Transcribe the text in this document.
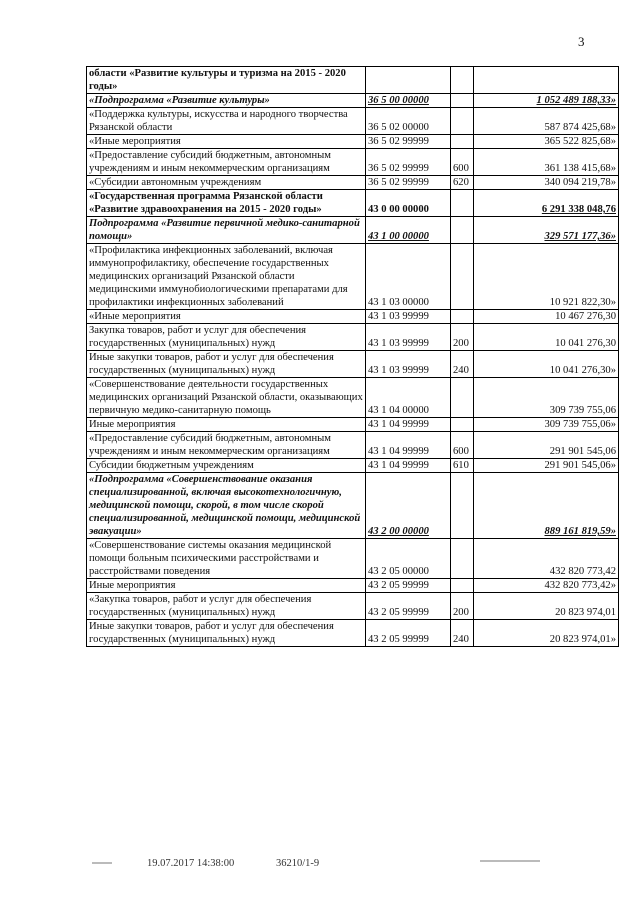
3
области «Развитие культуры и туризма на 2015 - 2020 годы»			
«Подпрограмма «Развитие культуры»	36 5 00 00000		1 052 489 188,33»
«Поддержка культуры, искусства и народного творчества Рязанской области	36 5 02 00000		587 874 425,68»
«Иные мероприятия	36 5 02 99999		365 522 825,68»
«Предоставление субсидий бюджетным, автономным учреждениям и иным некоммерческим организациям	36 5 02 99999	600	361 138 415,68»
«Субсидии автономным учреждениям	36 5 02 99999	620	340 094 219,78»
«Государственная программа Рязанской области «Развитие здравоохранения на 2015 - 2020 годы»	43 0 00 00000		6 291 338 048,76
Подпрограмма «Развитие первичной медико-санитарной помощи»	43 1 00 00000		329 571 177,36»
«Профилактика инфекционных заболеваний, включая иммунопрофилактику, обеспечение государственных медицинских организаций Рязанской области медицинскими иммунобиологическими препаратами для профилактики инфекционных заболеваний	43 1 03 00000		10 921 822,30»
«Иные мероприятия	43 1 03 99999		10 467 276,30
Закупка товаров, работ и услуг для обеспечения государственных (муниципальных) нужд	43 1 03 99999	200	10 041 276,30
Иные закупки товаров, работ и услуг для обеспечения государственных (муниципальных) нужд	43 1 03 99999	240	10 041 276,30»
«Совершенствование деятельности государственных медицинских организаций Рязанской области, оказывающих первичную медико-санитарную помощь	43 1 04 00000		309 739 755,06
Иные мероприятия	43 1 04 99999		309 739 755,06»
«Предоставление субсидий бюджетным, автономным учреждениям и иным некоммерческим организациям	43 1 04 99999	600	291 901 545,06
Субсидии бюджетным учреждениям	43 1 04 99999	610	291 901 545,06»
«Подпрограмма «Совершенствование оказания специализированной, включая высокотехнологичную, медицинской помощи, скорой, в том числе скорой специализированной, медицинской помощи, медицинской эвакуации»	43 2 00 00000		889 161 819,59»
«Совершенствование системы оказания медицинской помощи больным психическими расстройствами и расстройствами поведения	43 2 05 00000		432 820 773,42
Иные мероприятия	43 2 05 99999		432 820 773,42»
«Закупка товаров, работ и услуг для обеспечения государственных (муниципальных) нужд	43 2 05 99999	200	20 823 974,01
Иные закупки товаров, работ и услуг для обеспечения государственных (муниципальных) нужд	43 2 05 99999	240	20 823 974,01»
19.07.2017 14:38:00	36210/1-9
